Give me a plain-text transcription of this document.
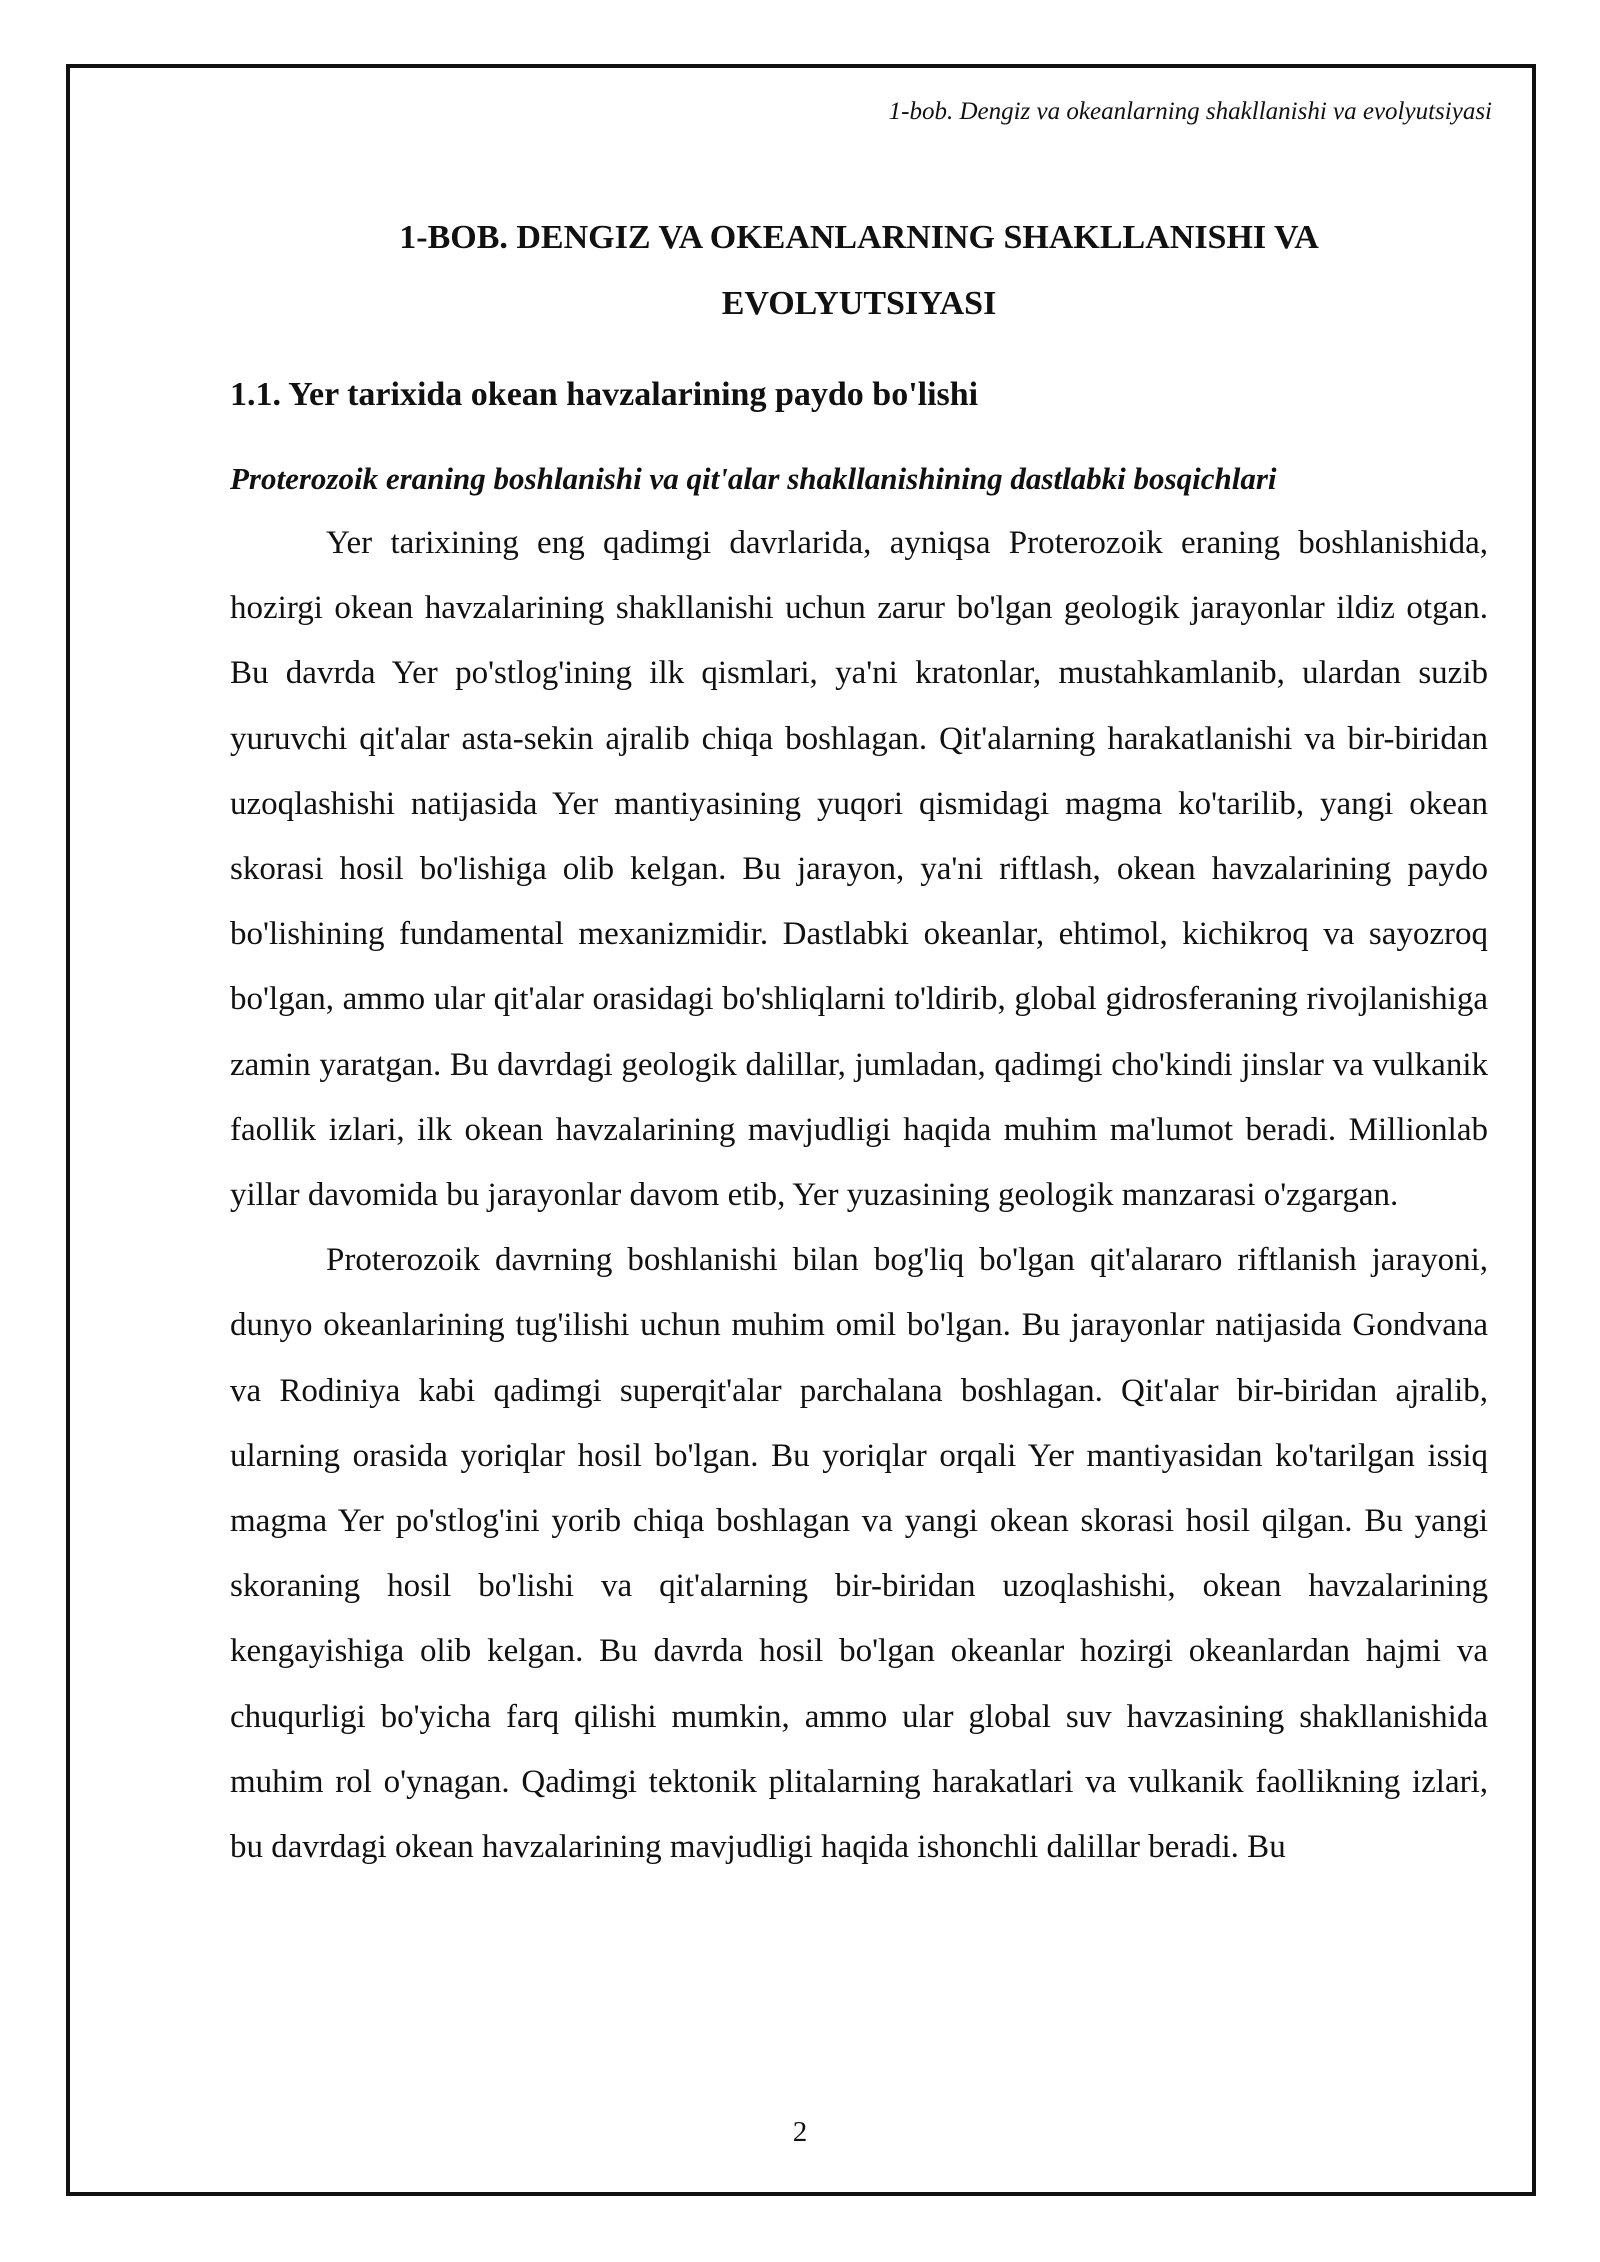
1-bob. Dengiz va okeanlarning shakllanishi va evolyutsiyasi
1-BOB. DENGIZ VA OKEANLARNING SHAKLLANISHI VA EVOLYUTSIYASI
1.1. Yer tarixida okean havzalarining paydo bo'lishi
Proterozoik eraning boshlanishi va qit'alar shakllanishining dastlabki bosqichlari

Yer tarixining eng qadimgi davrlarida, ayniqsa Proterozoik eraning boshlanishida, hozirgi okean havzalarining shakllanishi uchun zarur bo'lgan geologik jarayonlar ildiz otgan. Bu davrda Yer po'stlog'ining ilk qismlari, ya'ni kratonlar, mustahkamlanib, ulardan suzib yuruvchi qit'alar asta-sekin ajralib chiqa boshlagan. Qit'alarning harakatlanishi va bir-biridan uzoqlashishi natijasida Yer mantiyasining yuqori qismidagi magma ko'tarilib, yangi okean skorasi hosil bo'lishiga olib kelgan. Bu jarayon, ya'ni riftlash, okean havzalarining paydo bo'lishining fundamental mexanizmidir. Dastlabki okeanlar, ehtimol, kichikroq va sayozroq bo'lgan, ammo ular qit'alar orasidagi bo'shliqlarni to'ldirib, global gidrosferaning rivojlanishiga zamin yaratgan. Bu davrdagi geologik dalillar, jumladan, qadimgi cho'kindi jinslar va vulkanik faollik izlari, ilk okean havzalarining mavjudligi haqida muhim ma'lumot beradi. Millionlab yillar davomida bu jarayonlar davom etib, Yer yuzasining geologik manzarasi o'zgargan.

Proterozoik davrning boshlanishi bilan bog'liq bo'lgan qit'alararo riftlanish jarayoni, dunyo okeanlarining tug'ilishi uchun muhim omil bo'lgan. Bu jarayonlar natijasida Gondvana va Rodiniya kabi qadimgi superqit'alar parchalana boshlagan. Qit'alar bir-biridan ajralib, ularning orasida yoriqlar hosil bo'lgan. Bu yoriqlar orqali Yer mantiyasidan ko'tarilgan issiq magma Yer po'stlog'ini yorib chiqa boshlagan va yangi okean skorasi hosil qilgan. Bu yangi skoraning hosil bo'lishi va qit'alarning bir-biridan uzoqlashishi, okean havzalarining kengayishiga olib kelgan. Bu davrda hosil bo'lgan okeanlar hozirgi okeanlardan hajmi va chuqurligi bo'yicha farq qilishi mumkin, ammo ular global suv havzasining shakllanishida muhim rol o'ynagan. Qadimgi tektonik plitalarning harakatlari va vulkanik faollikning izlari, bu davrdagi okean havzalarining mavjudligi haqida ishonchli dalillar beradi. Bu

2
